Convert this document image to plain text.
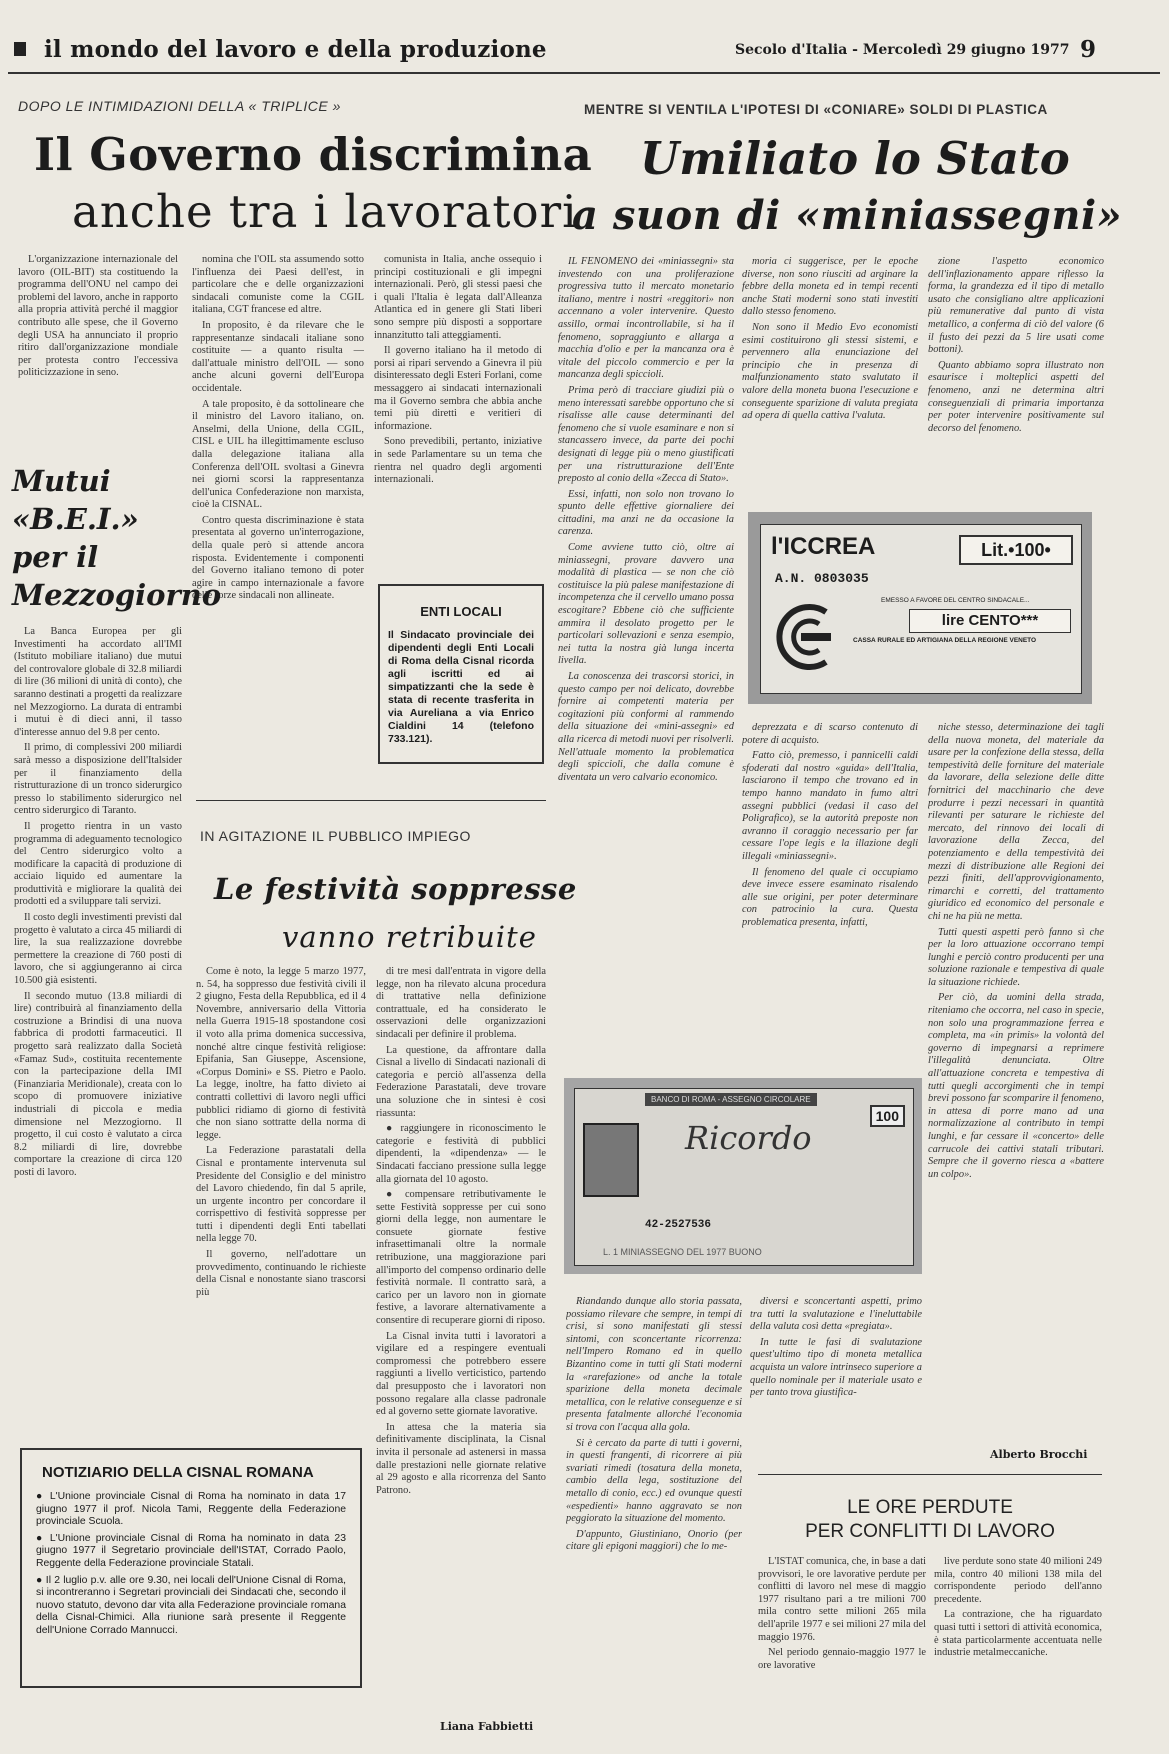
il mondo del lavoro e della produzione	Secolo d'Italia - Mercoledì 29 giugno 1977 9
DOPO LE INTIMIDAZIONI DELLA « TRIPLICE »
Il Governo discrimina
anche tra i lavoratori

L'organizzazione internazionale del lavoro (OIL-BIT) sta costituendo la programma dell'ONU nel campo dei problemi del lavoro, anche in rapporto alla propria attività perché il maggior contributo alle spese, che il Governo degli USA ha annunciato il proprio ritiro dall'organizzazione mondiale per protesta contro l'eccessiva politicizzazione in seno.

nomina che l'OIL sta assumendo sotto l'influenza dei Paesi dell'est, in particolare che e delle organizzazioni sindacali comuniste come la CGIL italiana, CGT francese ed altre.

In proposito, è da rilevare che le rappresentanze sindacali italiane sono costituite — a quanto risulta — dall'attuale ministro dell'OIL — sono anche alcuni governi dell'Europa occidentale.

A tale proposito, è da sottolineare che il ministro del Lavoro italiano, on. Anselmi, della Unione, della CGIL, CISL e UIL ha illegittimamente escluso dalla delegazione italiana alla Conferenza dell'OIL svoltasi a Ginevra nei giorni scorsi la rappresentanza dell'unica Confederazione non marxista, cioè la CISNAL.

Contro questa discriminazione è stata presentata al governo un'interrogazione, della quale però si attende ancora risposta. Evidentemente i componenti del Governo italiano temono di poter agire in campo internazionale a favore delle forze sindacali non allineate.

comunista in Italia, anche ossequio i principi costituzionali e gli impegni internazionali. Però, gli stessi paesi che i quali l'Italia è legata dall'Alleanza Atlantica ed in genere gli Stati liberi sono sempre più disposti a sopportare innanzitutto tali atteggiamenti.

Il governo italiano ha il metodo di porsi ai ripari servendo a Ginevra il più disinteressato degli Esteri Forlani, come messaggero ai sindacati internazionali ma il Governo sembra che abbia anche temi più diretti e veritieri di informazione.

Sono prevedibili, pertanto, iniziative in sede Parlamentare su un tema che rientra nel quadro degli argomenti internazionali.

Mutui
«B.E.I.»
per il
Mezzogiorno

La Banca Europea per gli Investimenti ha accordato all'IMI (Istituto mobiliare italiano) due mutui del controvalore globale di 32.8 miliardi di lire (36 milioni di unità di conto), che saranno destinati a progetti da realizzare nel Mezzogiorno. La durata di entrambi i mutui è di dieci anni, il tasso d'interesse annuo del 9.8 per cento.

Il primo, di complessivi 200 miliardi sarà messo a disposizione dell'Italsider per il finanziamento della ristrutturazione di un tronco siderurgico presso lo stabilimento siderurgico nel centro siderurgico di Taranto.

Il progetto rientra in un vasto programma di adeguamento tecnologico del Centro siderurgico volto a modificare la capacità di produzione di acciaio liquido ed aumentare la produttività e migliorare la qualità dei prodotti ed a sviluppare tali servizi.

Il costo degli investimenti previsti dal progetto è valutato a circa 45 miliardi di lire, la sua realizzazione dovrebbe permettere la creazione di 760 posti di lavoro, che si aggiungeranno ai circa 10.500 già esistenti.

Il secondo mutuo (13.8 miliardi di lire) contribuirà al finanziamento della costruzione a Brindisi di una nuova fabbrica di prodotti farmaceutici. Il progetto sarà realizzato dalla Società «Famaz Sud», costituita recentemente con la partecipazione della IMI (Finanziaria Meridionale), creata con lo scopo di promuovere iniziative industriali di piccola e media dimensione nel Mezzogiorno. Il progetto, il cui costo è valutato a circa 8.2 miliardi di lire, dovrebbe comportare la creazione di circa 120 posti di lavoro.

ENTI LOCALI
Il Sindacato provinciale dei dipendenti degli Enti Locali di Roma della Cisnal ricorda agli iscritti ed ai simpatizzanti che la sede è stata di recente trasferita in via Aureliana a via Enrico Cialdini 14 (telefono 733.121).
IN AGITAZIONE IL PUBBLICO IMPIEGO
Le festività soppresse
vanno retribuite

Come è noto, la legge 5 marzo 1977, n. 54, ha soppresso due festività civili il 2 giugno, Festa della Repubblica, ed il 4 Novembre, anniversario della Vittoria nella Guerra 1915-18 spostandone così il voto alla prima domenica successiva, nonché altre cinque festività religiose: Epifania, San Giuseppe, Ascensione, «Corpus Domini» e SS. Pietro e Paolo. La legge, inoltre, ha fatto divieto ai contratti collettivi di lavoro negli uffici pubblici ridiamo di giorno di festività che non siano sottratte della norma di legge.

La Federazione parastatali della Cisnal e prontamente intervenuta sul Presidente del Consiglio e del ministro del Lavoro chiedendo, fin dal 5 aprile, un urgente incontro per concordare il corrispettivo di festività soppresse per tutti i dipendenti degli Enti tabellati nella legge 70.

Il governo, nell'adottare un provvedimento, continuando le richieste della Cisnal e nonostante siano trascorsi più

di tre mesi dall'entrata in vigore della legge, non ha rilevato alcuna procedura di trattative nella definizione contrattuale, ed ha considerato le osservazioni delle organizzazioni sindacali per definire il problema.

La questione, da affrontare dalla Cisnal a livello di Sindacati nazionali di categoria e perciò all'assenza della Federazione Parastatali, deve trovare una soluzione che in sintesi è così riassunta:

● raggiungere in riconoscimento le categorie e festività di pubblici dipendenti, la «dipendenza» — le Sindacati facciano pressione sulla legge alla giornata del 10 agosto.

● compensare retributivamente le sette Festività soppresse per cui sono giorni della legge, non aumentare le consuete giornate festive infrasettimanali oltre la normale retribuzione, una maggiorazione pari all'importo del compenso ordinario delle festività normale. Il contratto sarà, a carico per un lavoro non in giornate festive, a lavorare alternativamente a consentire di recuperare giorni di riposo.

La Cisnal invita tutti i lavoratori a vigilare ed a respingere eventuali compromessi che potrebbero essere raggiunti a livello verticistico, partendo dal presupposto che i lavoratori non possono regalare alla classe padronale ed al governo sette giornate lavorative.

In attesa che la materia sia definitivamente disciplinata, la Cisnal invita il personale ad astenersi in massa dalle prestazioni nelle giornate relative al 29 agosto e alla ricorrenza del Santo Patrono.

Liana Fabbietti
NOTIZIARIO DELLA CISNAL ROMANA
● L'Unione provinciale Cisnal di Roma ha nominato in data 17 giugno 1977 il prof. Nicola Tami, Reggente della Federazione provinciale Scuola.
● L'Unione provinciale Cisnal di Roma ha nominato in data 23 giugno 1977 il Segretario provinciale dell'ISTAT, Corrado Paolo, Reggente della Federazione provinciale Statali.
● Il 2 luglio p.v. alle ore 9.30, nei locali dell'Unione Cisnal di Roma, si incontreranno i Segretari provinciali dei Sindacati che, secondo il nuovo statuto, devono dar vita alla Federazione provinciale romana della Cisnal-Chimici. Alla riunione sarà presente il Reggente dell'Unione Corrado Mannucci.
MENTRE SI VENTILA L'IPOTESI DI «CONIARE» SOLDI DI PLASTICA
Umiliato lo Stato
a suon di «miniassegni»

IL FENOMENO dei «miniassegni» sta investendo con una proliferazione progressiva tutto il mercato monetario italiano, mentre i nostri «reggitori» non accennano a voler intervenire. Questo assillo, ormai incontrollabile, si ha il fenomeno, sopraggiunto e allarga a macchia d'olio e per la mancanza ora è vitale del piccolo commercio e per la mancanza degli spiccioli.

Prima però di tracciare giudizi più o meno interessati sarebbe opportuno che si risalisse alle cause determinanti del fenomeno che si vuole esaminare e non si stancassero invece, da parte dei pochi designati di legge più o meno giustificati per una ristrutturazione dell'Ente preposto al conio della «Zecca di Stato».

Essi, infatti, non solo non trovano lo spunto delle effettive giornaliere dei cittadini, ma anzi ne da occasione la carenza.

Come avviene tutto ciò, oltre ai miniassegni, provare davvero una modalità di plastica — se non che ciò costituisce la più palese manifestazione di incompetenza che il cervello umano possa escogitare? Ebbene ciò che sufficiente ammira il desolato progetto per le particolari sollevazioni e senza esempio, nei tutta la nostra già lunga incerta livella.

La conoscenza dei trascorsi storici, in questo campo per noi delicato, dovrebbe fornire ai competenti materia per cogitazioni più conformi al rammendo della situazione dei «mini-assegni» ed alla ricerca di metodi nuovi per risolverli. Nell'attuale momento la problematica degli spiccioli, che dalla comune è diventata un vero calvario economico.

moria ci suggerisce, per le epoche diverse, non sono riusciti ad arginare la febbre della moneta ed in tempi recenti anche Stati moderni sono stati investiti dallo stesso fenomeno.

Non sono il Medio Evo economisti esimi costituirono gli stessi sistemi, e pervennero alla enunciazione del principio che in presenza di malfunzionamento stato svalutato il valore della moneta buona l'esecuzione e conseguente sparizione di valuta pregiata ad opera di quella cattiva l'valuta.

zione l'aspetto economico dell'inflazionamento appare riflesso la forma, la grandezza ed il tipo di metallo usato che consigliano altre applicazioni più remunerative dal punto di vista metallico, a conferma di ciò del valore (6 il fusto dei pezzi da 5 lire usati come bottoni).

Quanto abbiamo sopra illustrato non esaurisce i molteplici aspetti del fenomeno, anzi ne determina altri conseguenziali di primaria importanza per poter intervenire positivamente sul decorso del fenomeno.

l'ICCREA	Lit.•100•
A.N. 0803035
EMESSO A FAVORE DEL CENTRO SINDACALE...
lire CENTO***
CASSA RURALE ED ARTIGIANA DELLA REGIONE VENETO

deprezzata e di scarso contenuto di potere di acquisto.

Fatto ciò, premesso, i pannicelli caldi sfoderati dal nostro «guida» dell'Italia, lasciarono il tempo che trovano ed in tempo hanno mandato in fumo altri assegni pubblici (vedasi il caso del Poligrafico), se la autorità preposte non avranno il coraggio necessario per far cessare l'ope legis e la illazione degli illegali «miniassegni».

Il fenomeno del quale ci occupiamo deve invece essere esaminato risalendo alle sue origini, per poter determinare con patrocinio la cura. Questa problematica presenta, infatti,

niche stesso, determinazione dei tagli della nuova moneta, del materiale da usare per la confezione della stessa, della tempestività delle forniture del materiale da lavorare, della selezione delle ditte fornitrici del macchinario che deve produrre i pezzi necessari in quantità rilevanti per saturare le richieste del mercato, del rinnovo dei locali di lavorazione della Zecca, del potenziamento e della tempestività dei mezzi di distribuzione alle Regioni dei pezzi finiti, dell'approvvigionamento, rimarchi e corretti, del trattamento giuridico ed economico del personale e chi ne ha più ne metta.

Tutti questi aspetti però fanno sì che per la loro attuazione occorrano tempi lunghi e perciò contro producenti per una soluzione razionale e tempestiva di quale la situazione richiede.

Per ciò, da uomini della strada, riteniamo che occorra, nel caso in specie, non solo una programmazione ferrea e completa, ma «in primis» la volontà del governo di impegnarsi a reprimere l'illegalità denunciata. Oltre all'attuazione concreta e tempestiva di tutti quegli accorgimenti che in tempi brevi possono far scomparire il fenomeno, in attesa di porre mano ad una normalizzazione al contributo in tempi lunghi, e far cessare il «concerto» delle carrucole dei cattivi statali tributari. Sempre che il governo riesca a «battere un colpo».

BANCO DI ROMA - ASSEGNO CIRCOLARE
100
Ricordo
42-2527536
L. 1 MINIASSEGNO DEL 1977 BUONO

Riandando dunque allo storia passata, possiamo rilevare che sempre, in tempi di crisi, si sono manifestati gli stessi sintomi, con sconcertante ricorrenza: nell'Impero Romano ed in quello Bizantino come in tutti gli Stati moderni la «rarefazione» od anche la totale sparizione della moneta decimale metallica, con le relative conseguenze e si presenta fatalmente allorché l'economia si trova con l'acqua alla gola.

Si è cercato da parte di tutti i governi, in questi frangenti, di ricorrere ai più svariati rimedi (tosatura della moneta, cambio della lega, sostituzione del metallo di conio, ecc.) ed ovunque questi «espedienti» hanno aggravato se non peggiorato la situazione del momento.

D'appunto, Giustiniano, Onorio (per citare gli epigoni maggiori) che lo me-

diversi e sconcertanti aspetti, primo tra tutti la svalutazione e l'ineluttabile della valuta così detta «pregiata».

In tutte le fasi di svalutazione quest'ultimo tipo di moneta metallica acquista un valore intrinseco superiore a quello nominale per il materiale usato e per tanto trova giustifica-

Alberto Brocchi
LE ORE PERDUTE
PER CONFLITTI DI LAVORO

L'ISTAT comunica, che, in base a dati provvisori, le ore lavorative perdute per conflitti di lavoro nel mese di maggio 1977 risultano pari a tre milioni 700 mila contro sette milioni 265 mila dell'aprile 1977 e sei milioni 27 mila del maggio 1976.

Nel periodo gennaio-maggio 1977 le ore lavorative

live perdute sono state 40 milioni 249 mila, contro 40 milioni 138 mila del corrispondente periodo dell'anno precedente.

La contrazione, che ha riguardato quasi tutti i settori di attività economica, è stata particolarmente accentuata nelle industrie metalmeccaniche.
